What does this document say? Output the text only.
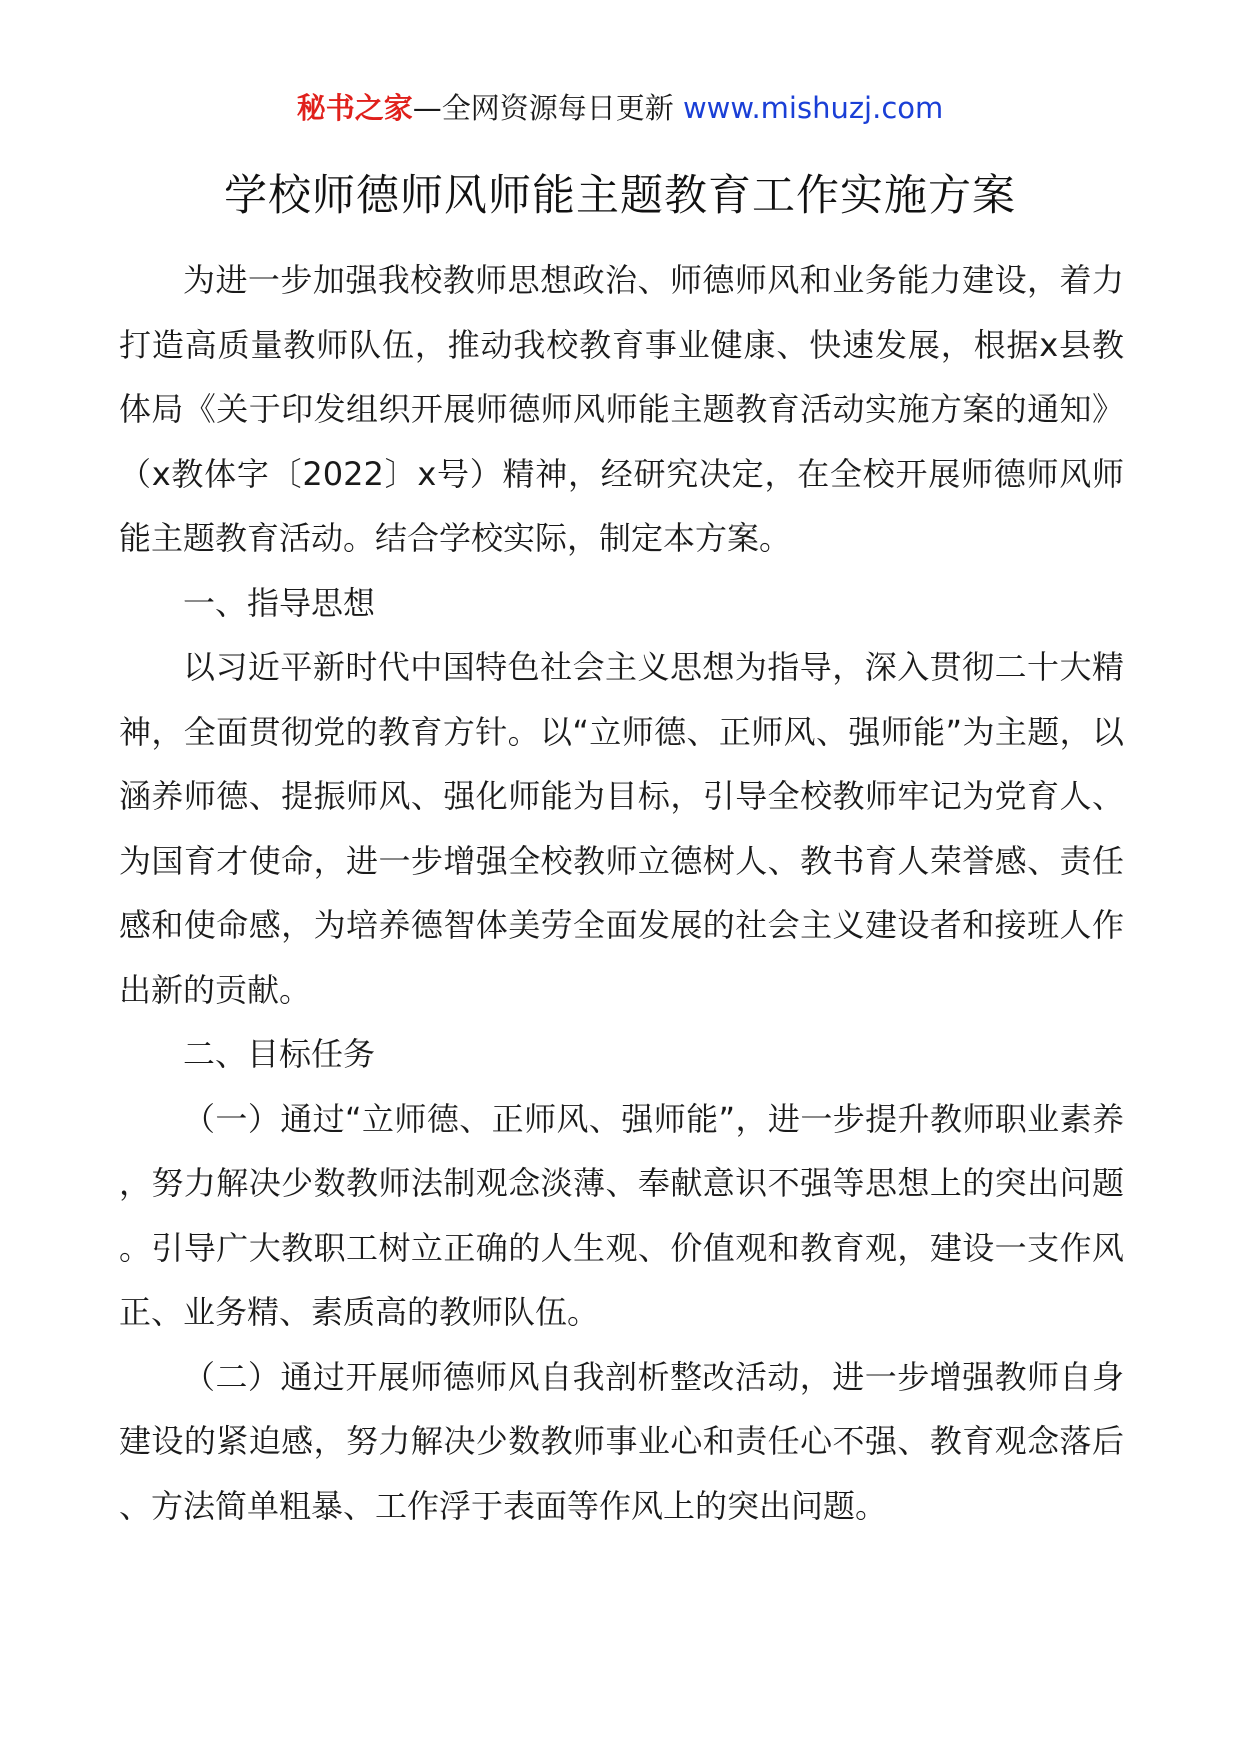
秘书之家—全网资源每日更新 www.mishuzj.com
学校师德师风师能主题教育工作实施方案

为进一步加强我校教师思想政治、师德师风和业务能力建设，着力打造高质量教师队伍，推动我校教育事业健康、快速发展，根据x县教体局《关于印发组织开展师德师风师能主题教育活动实施方案的通知》（x教体字〔2022〕x号）精神，经研究决定，在全校开展师德师风师能主题教育活动。结合学校实际，制定本方案。

一、指导思想

以习近平新时代中国特色社会主义思想为指导，深入贯彻二十大精神，全面贯彻党的教育方针。以“立师德、正师风、强师能”为主题，以涵养师德、提振师风、强化师能为目标，引导全校教师牢记为党育人、为国育才使命，进一步增强全校教师立德树人、教书育人荣誉感、责任感和使命感，为培养德智体美劳全面发展的社会主义建设者和接班人作出新的贡献。

二、目标任务

（一）通过“立师德、正师风、强师能”，进一步提升教师职业素养，努力解决少数教师法制观念淡薄、奉献意识不强等思想上的突出问题。引导广大教职工树立正确的人生观、价值观和教育观，建设一支作风正、业务精、素质高的教师队伍。

（二）通过开展师德师风自我剖析整改活动，进一步增强教师自身建设的紧迫感，努力解决少数教师事业心和责任心不强、教育观念落后、方法简单粗暴、工作浮于表面等作风上的突出问题。
